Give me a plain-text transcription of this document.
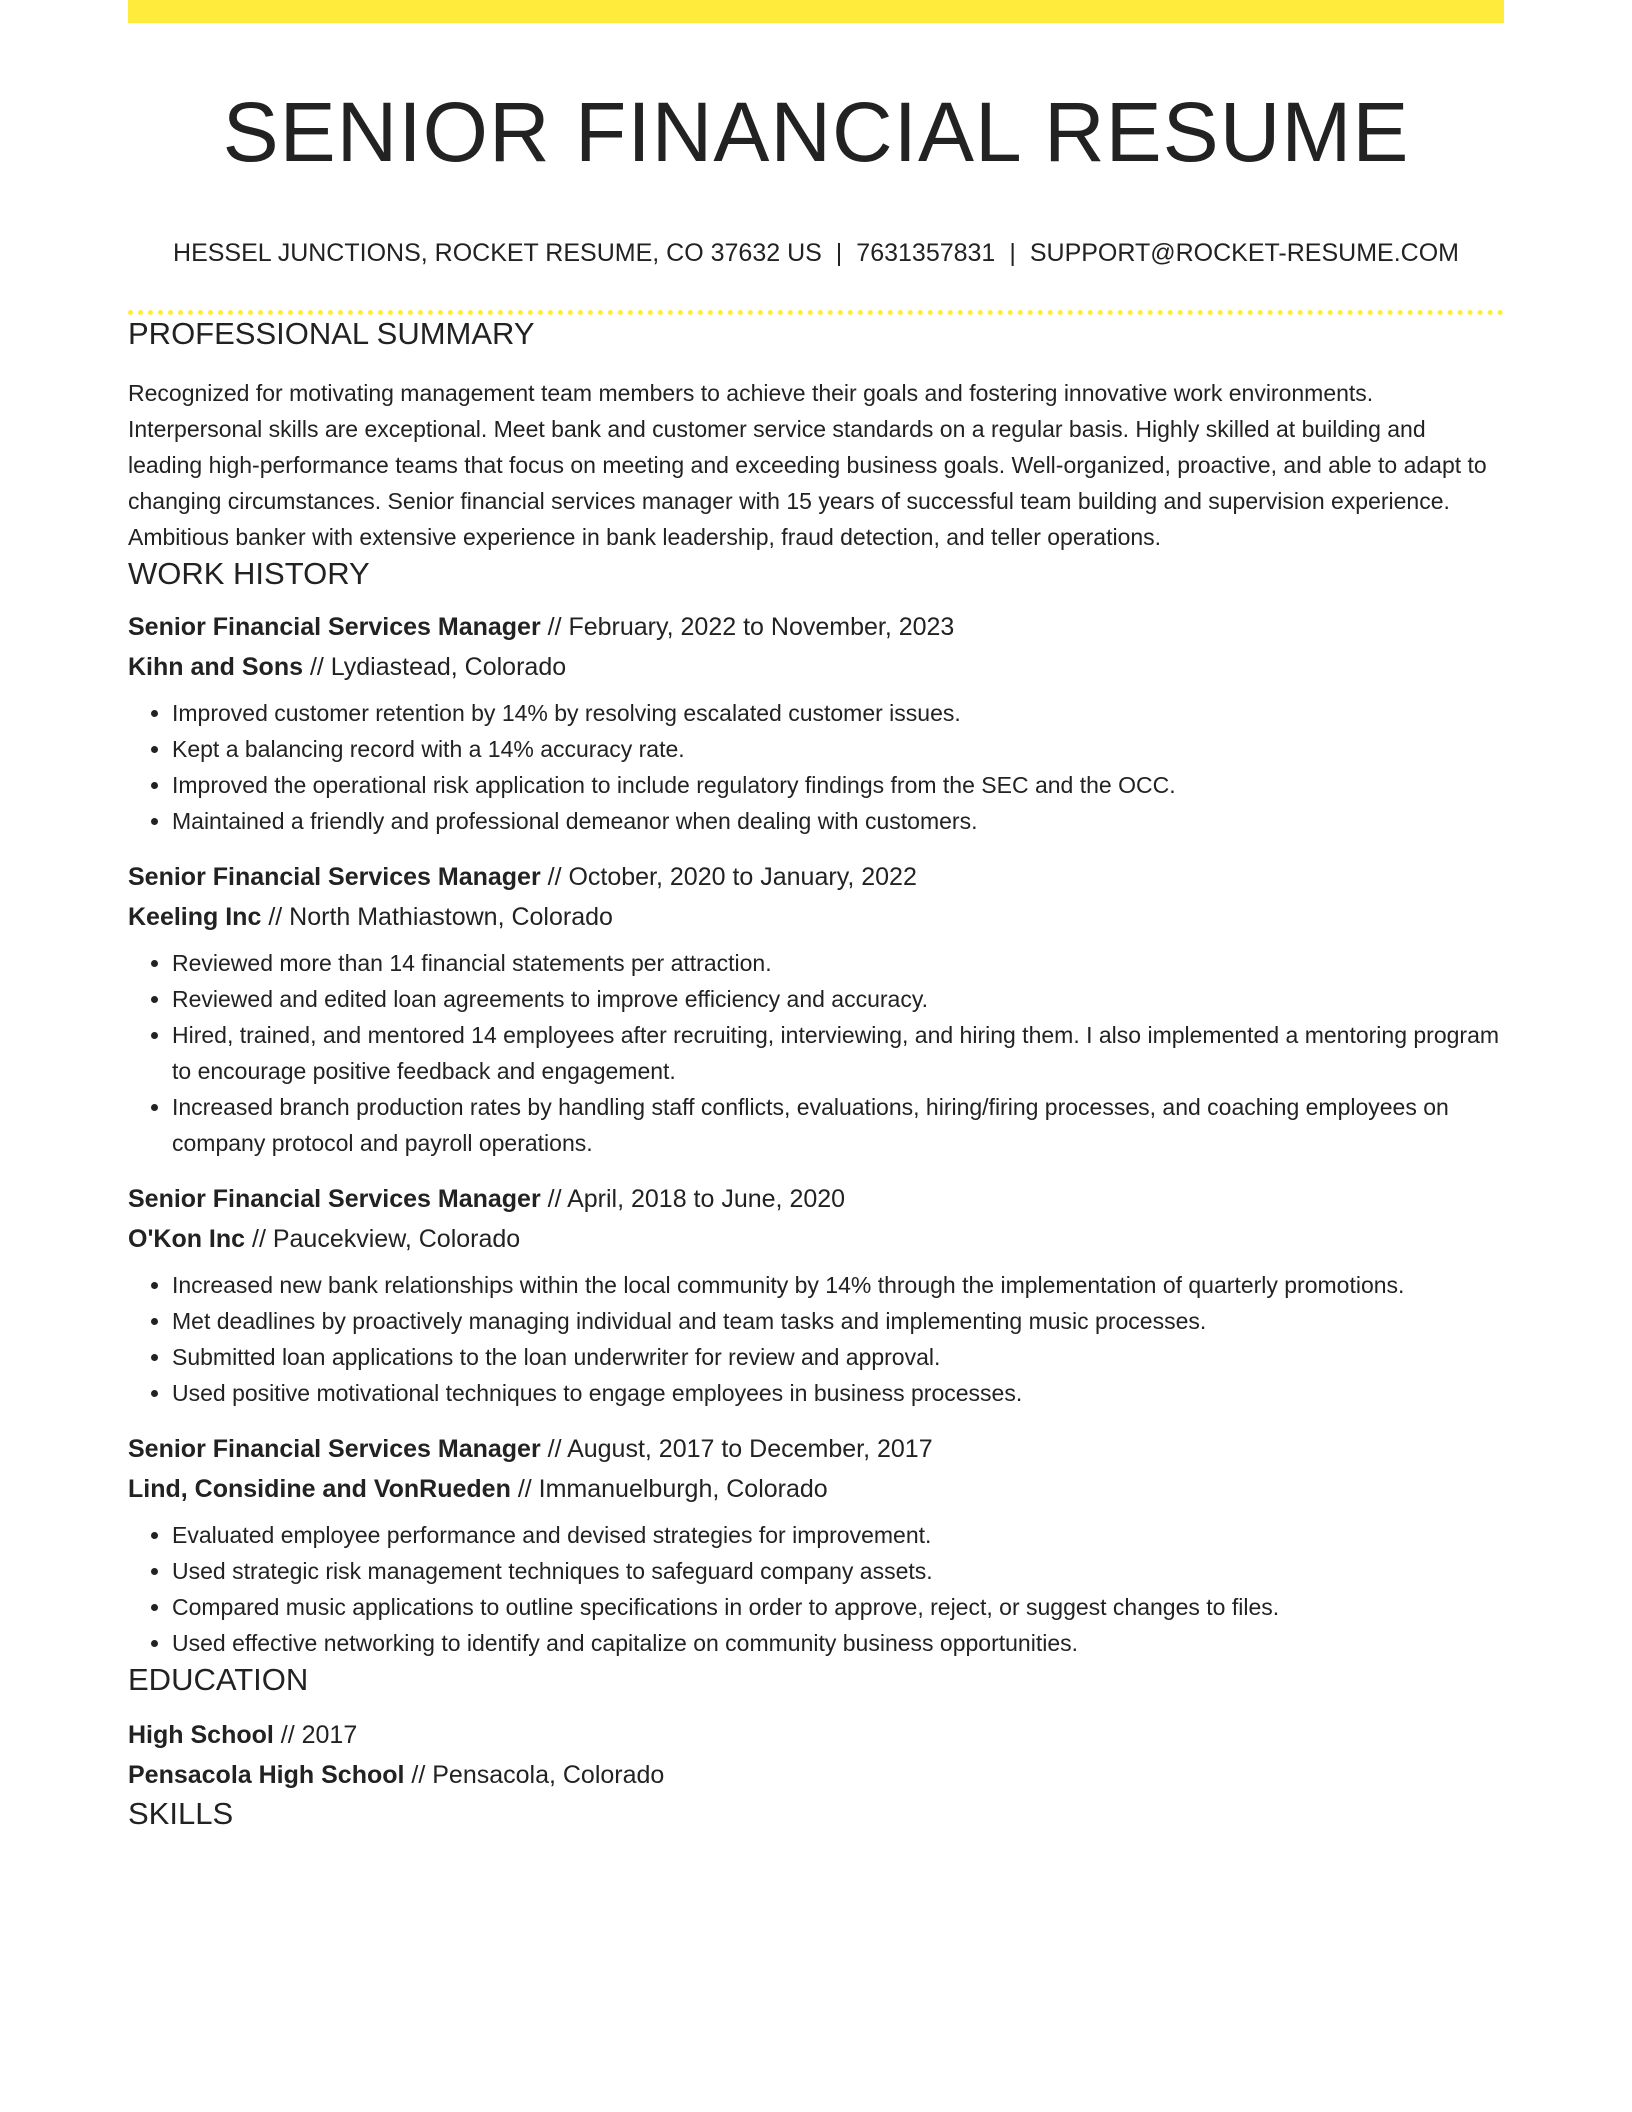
SENIOR FINANCIAL RESUME
HESSEL JUNCTIONS, ROCKET RESUME, CO 37632 US | 7631357831 | SUPPORT@ROCKET-RESUME.COM
PROFESSIONAL SUMMARY
Recognized for motivating management team members to achieve their goals and fostering innovative work environments. Interpersonal skills are exceptional. Meet bank and customer service standards on a regular basis. Highly skilled at building and leading high-performance teams that focus on meeting and exceeding business goals. Well-organized, proactive, and able to adapt to changing circumstances. Senior financial services manager with 15 years of successful team building and supervision experience. Ambitious banker with extensive experience in bank leadership, fraud detection, and teller operations.
WORK HISTORY
Senior Financial Services Manager // February, 2022 to November, 2023
Kihn and Sons // Lydiastead, Colorado
• Improved customer retention by 14% by resolving escalated customer issues.
• Kept a balancing record with a 14% accuracy rate.
• Improved the operational risk application to include regulatory findings from the SEC and the OCC.
• Maintained a friendly and professional demeanor when dealing with customers.
Senior Financial Services Manager // October, 2020 to January, 2022
Keeling Inc // North Mathiastown, Colorado
• Reviewed more than 14 financial statements per attraction.
• Reviewed and edited loan agreements to improve efficiency and accuracy.
• Hired, trained, and mentored 14 employees after recruiting, interviewing, and hiring them. I also implemented a mentoring program to encourage positive feedback and engagement.
• Increased branch production rates by handling staff conflicts, evaluations, hiring/firing processes, and coaching employees on company protocol and payroll operations.
Senior Financial Services Manager // April, 2018 to June, 2020
O'Kon Inc // Paucekview, Colorado
• Increased new bank relationships within the local community by 14% through the implementation of quarterly promotions.
• Met deadlines by proactively managing individual and team tasks and implementing music processes.
• Submitted loan applications to the loan underwriter for review and approval.
• Used positive motivational techniques to engage employees in business processes.
Senior Financial Services Manager // August, 2017 to December, 2017
Lind, Considine and VonRueden // Immanuelburgh, Colorado
• Evaluated employee performance and devised strategies for improvement.
• Used strategic risk management techniques to safeguard company assets.
• Compared music applications to outline specifications in order to approve, reject, or suggest changes to files.
• Used effective networking to identify and capitalize on community business opportunities.
EDUCATION
High School // 2017
Pensacola High School // Pensacola, Colorado
SKILLS
